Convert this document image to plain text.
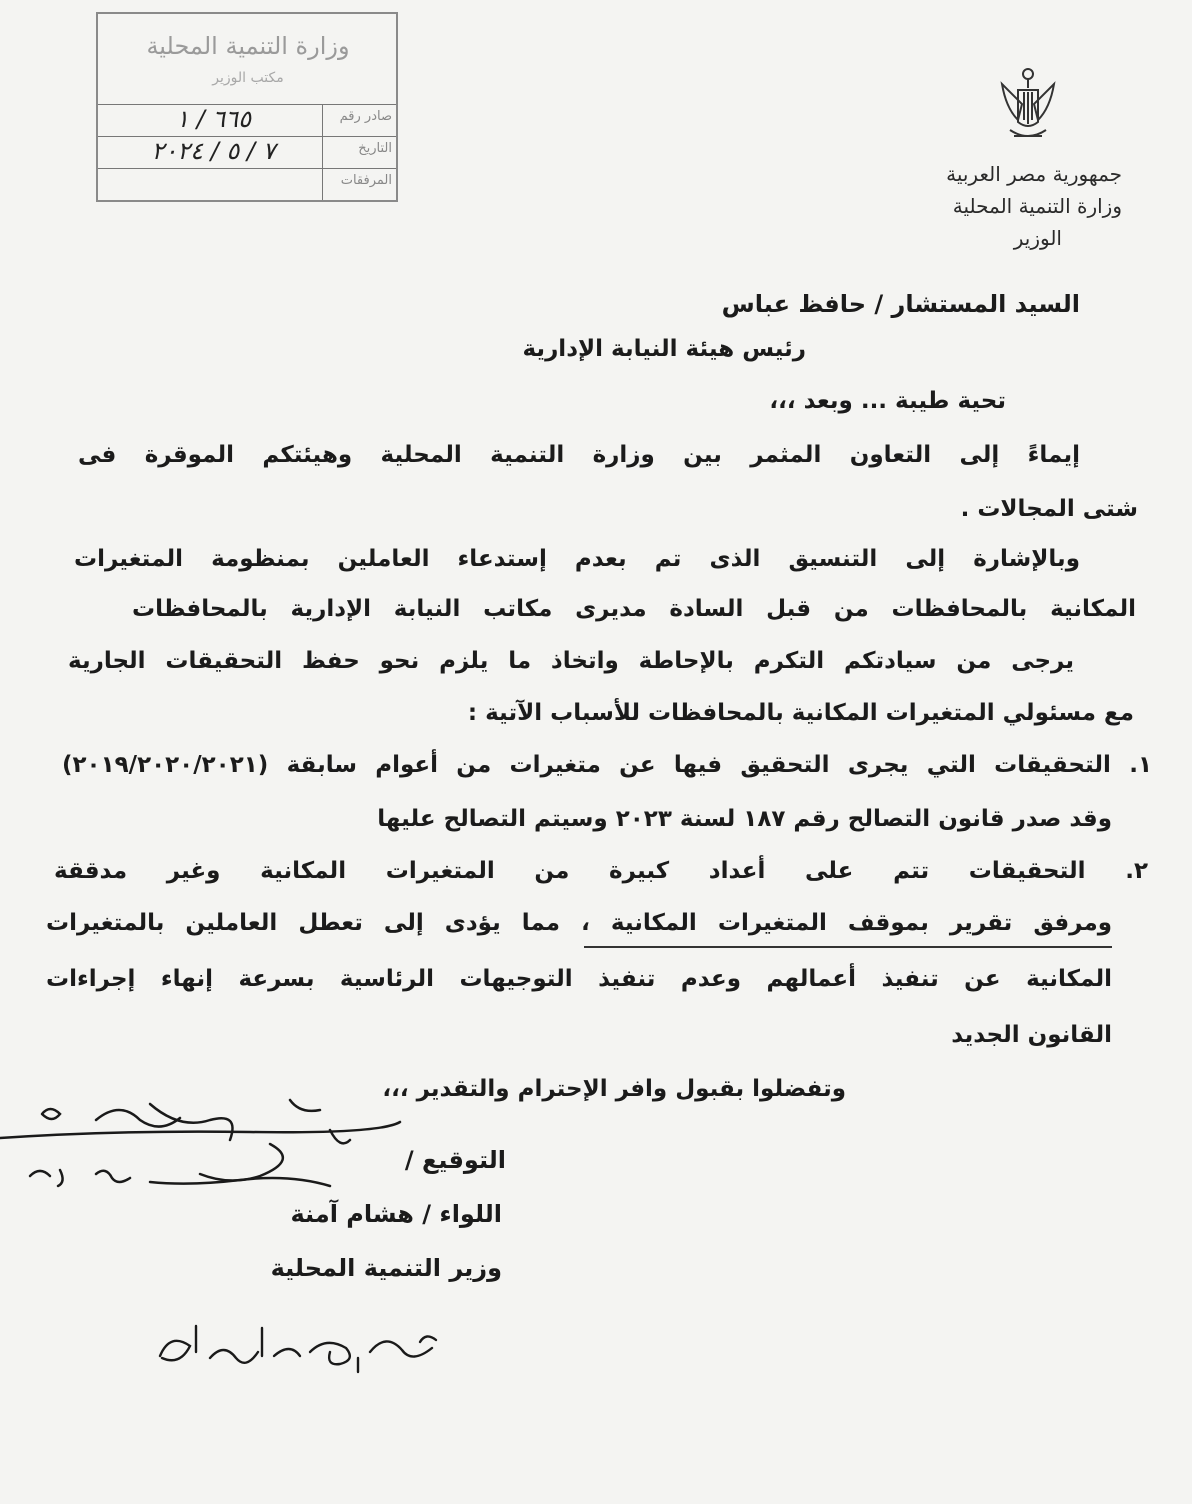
وزارة التنمية المحلية
مكتب الوزير
صادر رقم
٦٦٥ / ١
التاريخ
٧ / ٥ / ٢٠٢٤
المرفقات	جمهورية مصر العربية
وزارة التنمية المحلية
الوزير
السيد المستشار / حافظ عباس
رئيس هيئة النيابة الإدارية
تحية طيبة ... وبعد ،،،
إيماءً إلى التعاون المثمر بين وزارة التنمية المحلية وهيئتكم الموقرة فى
شتى المجالات .
وبالإشارة إلى التنسيق الذى تم بعدم إستدعاء العاملين بمنظومة المتغيرات
المكانية بالمحافظات من قبل السادة مديرى مكاتب النيابة الإدارية بالمحافظات
يرجى من سيادتكم التكرم بالإحاطة واتخاذ ما يلزم نحو حفظ التحقيقات الجارية
مع مسئولي المتغيرات المكانية بالمحافظات للأسباب الآتية :
١. التحقيقات التي يجرى التحقيق فيها عن متغيرات من أعوام سابقة (٢٠١٩/٢٠٢٠/٢٠٢١)
وقد صدر قانون التصالح رقم ١٨٧ لسنة ٢٠٢٣ وسيتم التصالح عليها
٢. التحقيقات تتم على أعداد كبيرة من المتغيرات المكانية وغير مدققة
ومرفق تقرير بموقف المتغيرات المكانية ، مما يؤدى إلى تعطل العاملين بالمتغيرات
المكانية عن تنفيذ أعمالهم وعدم تنفيذ التوجيهات الرئاسية بسرعة إنهاء إجراءات
القانون الجديد
وتفضلوا بقبول وافر الإحترام والتقدير ،،،
التوقيع /
اللواء / هشام آمنة
وزير التنمية المحلية
